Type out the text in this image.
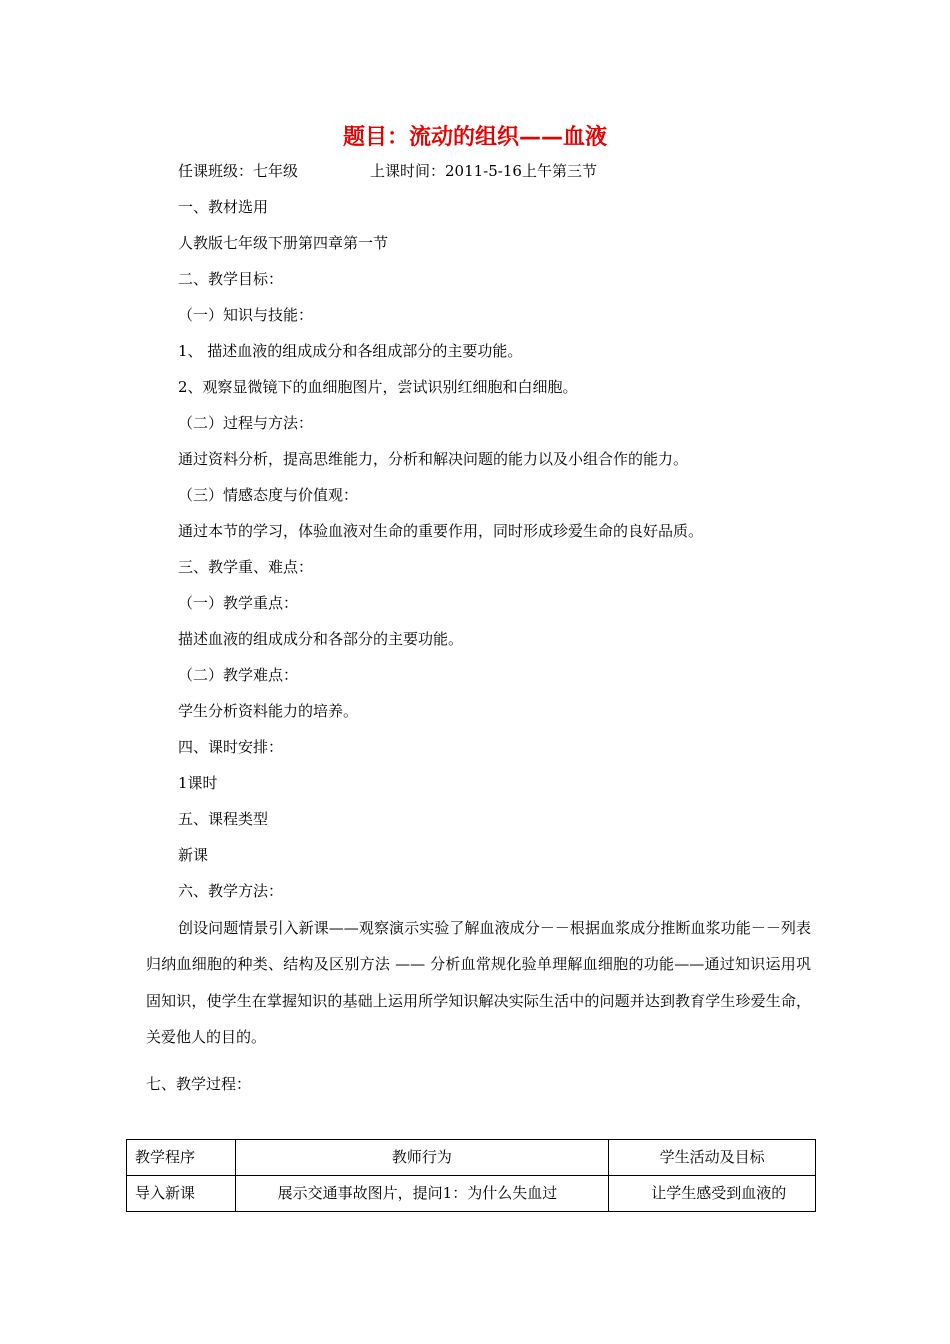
题目：流动的组织——血液
任课班级：七年级	上课时间：2011-5-16上午第三节
一、教材选用
人教版七年级下册第四章第一节
二、教学目标：
（一）知识与技能：
1、 描述血液的组成成分和各组成部分的主要功能。
2、观察显微镜下的血细胞图片，尝试识别红细胞和白细胞。
（二）过程与方法：
通过资料分析，提高思维能力，分析和解决问题的能力以及小组合作的能力。
（三）情感态度与价值观：
通过本节的学习，体验血液对生命的重要作用，同时形成珍爱生命的良好品质。
三、教学重、难点：
（一）教学重点：
描述血液的组成成分和各部分的主要功能。
（二）教学难点：
学生分析资料能力的培养。
四、课时安排：
1课时
五、课程类型
新课
六、教学方法：
创设问题情景引入新课——观察演示实验了解血液成分－－根据血浆成分推断血浆功能－－列表归纳血细胞的种类、结构及区别方法 —— 分析血常规化验单理解血细胞的功能——通过知识运用巩固知识，使学生在掌握知识的基础上运用所学知识解决实际生活中的问题并达到教育学生珍爱生命，关爱他人的目的。
七、教学过程：
教学程序	教师行为	学生活动及目标
导入新课	展示交通事故图片，提问1：为什么失血过	让学生感受到血液的
